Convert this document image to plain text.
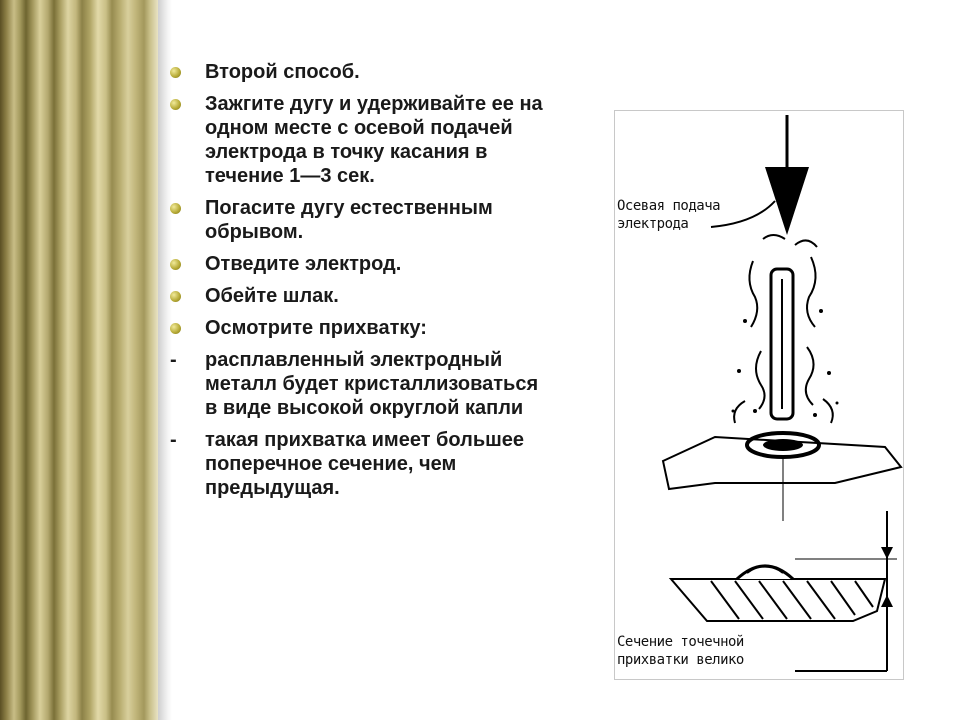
Второй способ.
Зажгите дугу и удерживайте ее на одном месте с осевой подачей электрода в точку касания в течение 1—3 сек.
Погасите дугу естественным обрывом.
Отведите электрод.
Обейте шлак.
Осмотрите прихватку:
- расплавленный электродный металл будет кристаллизоваться в виде высокой округлой капли
- такая прихватка имеет большее поперечное сечение, чем предыдущая.
Осевая подача
электрода
Сечение точечной
прихватки велико
